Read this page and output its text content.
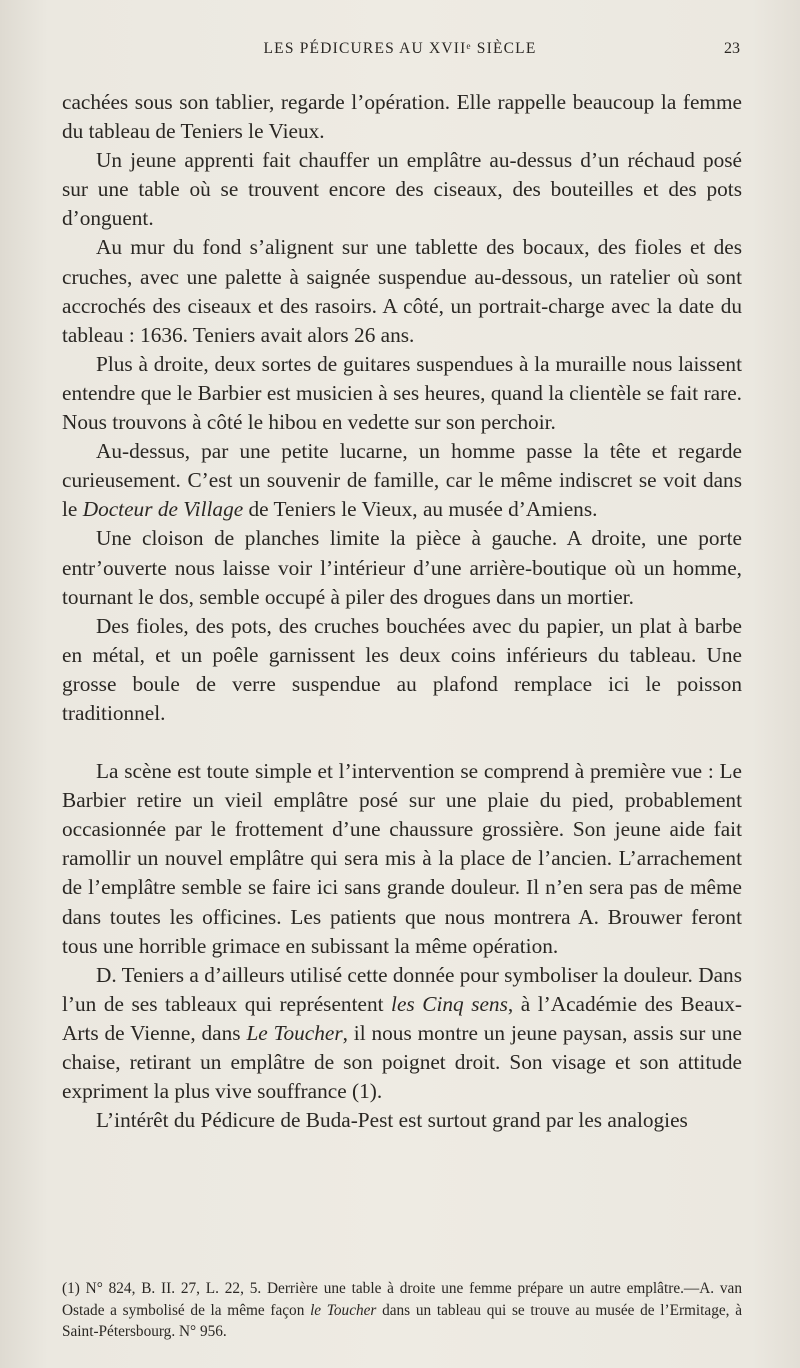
LES PÉDICURES AU XVIIᵉ SIÈCLE	23

cachées sous son tablier, regarde l’opération. Elle rappelle beaucoup la femme du tableau de Teniers le Vieux.

Un jeune apprenti fait chauffer un emplâtre au-dessus d’un réchaud posé sur une table où se trouvent encore des ciseaux, des bouteilles et des pots d’onguent.

Au mur du fond s’alignent sur une tablette des bocaux, des fioles et des cruches, avec une palette à saignée suspendue au-dessous, un ratelier où sont accrochés des ciseaux et des rasoirs. A côté, un portrait-charge avec la date du tableau : 1636. Teniers avait alors 26 ans.

Plus à droite, deux sortes de guitares suspendues à la muraille nous laissent entendre que le Barbier est musicien à ses heures, quand la clientèle se fait rare. Nous trouvons à côté le hibou en vedette sur son perchoir.

Au-dessus, par une petite lucarne, un homme passe la tête et regarde curieusement. C’est un souvenir de famille, car le même indiscret se voit dans le Docteur de Village de Teniers le Vieux, au musée d’Amiens.

Une cloison de planches limite la pièce à gauche. A droite, une porte entr’ouverte nous laisse voir l’intérieur d’une arrière-boutique où un homme, tournant le dos, semble occupé à piler des drogues dans un mortier.

Des fioles, des pots, des cruches bouchées avec du papier, un plat à barbe en métal, et un poêle garnissent les deux coins inférieurs du tableau. Une grosse boule de verre suspendue au plafond remplace ici le poisson traditionnel.

La scène est toute simple et l’intervention se comprend à première vue : Le Barbier retire un vieil emplâtre posé sur une plaie du pied, probablement occasionnée par le frottement d’une chaussure grossière. Son jeune aide fait ramollir un nouvel emplâtre qui sera mis à la place de l’ancien. L’arrachement de l’emplâtre semble se faire ici sans grande douleur. Il n’en sera pas de même dans toutes les officines. Les patients que nous montrera A. Brouwer feront tous une horrible grimace en subissant la même opération.

D. Teniers a d’ailleurs utilisé cette donnée pour symboliser la douleur. Dans l’un de ses tableaux qui représentent les Cinq sens, à l’Académie des Beaux-Arts de Vienne, dans Le Toucher, il nous montre un jeune paysan, assis sur une chaise, retirant un emplâtre de son poignet droit. Son visage et son attitude expriment la plus vive souffrance (1).

L’intérêt du Pédicure de Buda-Pest est surtout grand par les analogies

(1) N° 824, B. II. 27, L. 22, 5. Derrière une table à droite une femme prépare un autre emplâtre.—A. van Ostade a symbolisé de la même façon le Toucher dans un tableau qui se trouve au musée de l’Ermitage, à Saint-Pétersbourg. N° 956.
